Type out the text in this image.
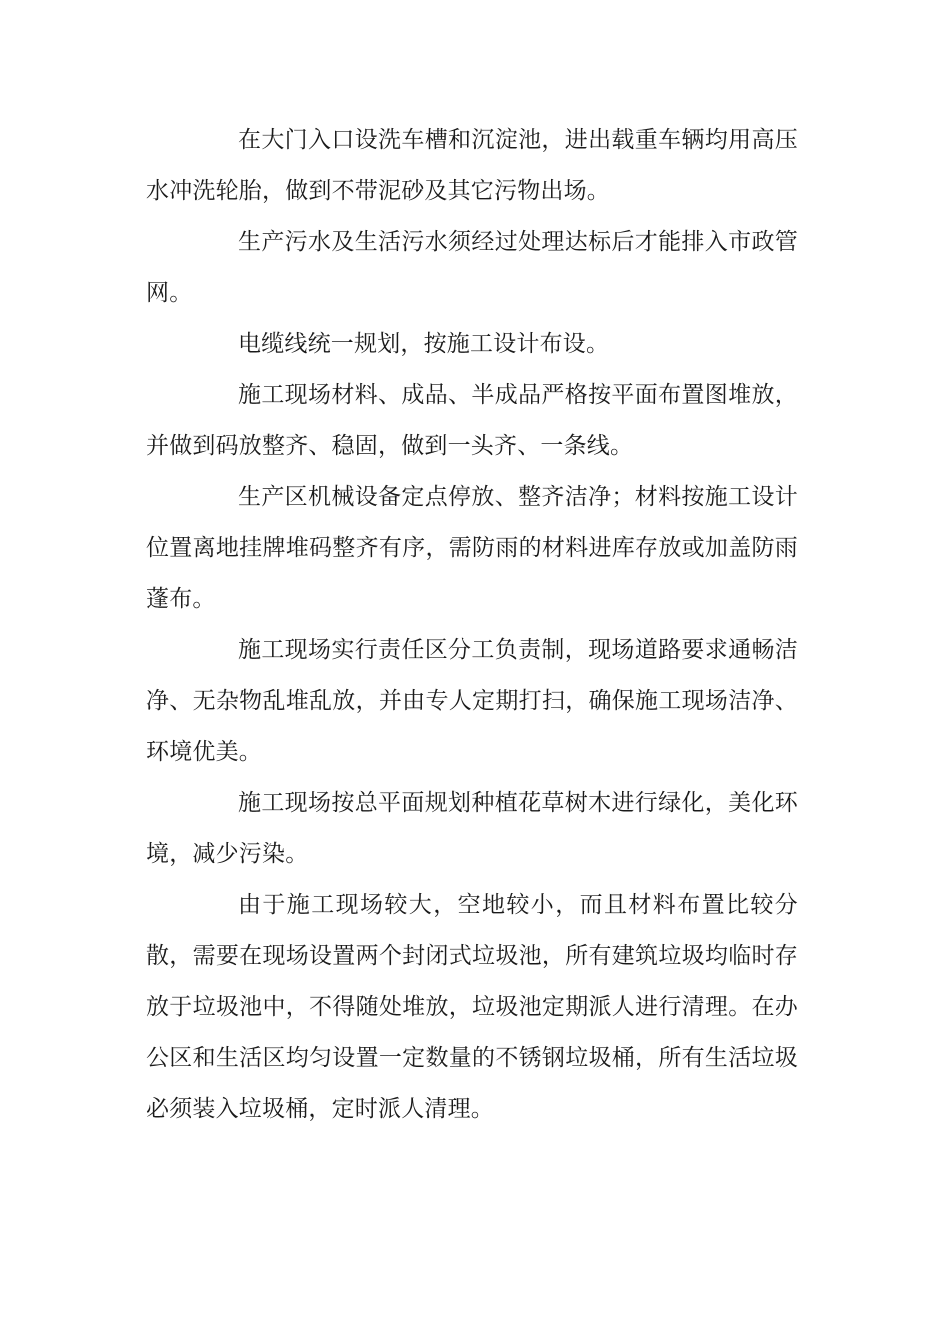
在大门入口设洗车槽和沉淀池，进出载重车辆均用高压水冲洗轮胎，做到不带泥砂及其它污物出场。

生产污水及生活污水须经过处理达标后才能排入市政管网。

电缆线统一规划，按施工设计布设。

施工现场材料、成品、半成品严格按平面布置图堆放，并做到码放整齐、稳固，做到一头齐、一条线。

生产区机械设备定点停放、整齐洁净；材料按施工设计位置离地挂牌堆码整齐有序，需防雨的材料进库存放或加盖防雨蓬布。

施工现场实行责任区分工负责制，现场道路要求通畅洁净、无杂物乱堆乱放，并由专人定期打扫，确保施工现场洁净、环境优美。

施工现场按总平面规划种植花草树木进行绿化，美化环境，减少污染。

由于施工现场较大，空地较小，而且材料布置比较分散，需要在现场设置两个封闭式垃圾池，所有建筑垃圾均临时存放于垃圾池中，不得随处堆放，垃圾池定期派人进行清理。在办公区和生活区均匀设置一定数量的不锈钢垃圾桶，所有生活垃圾必须装入垃圾桶，定时派人清理。
